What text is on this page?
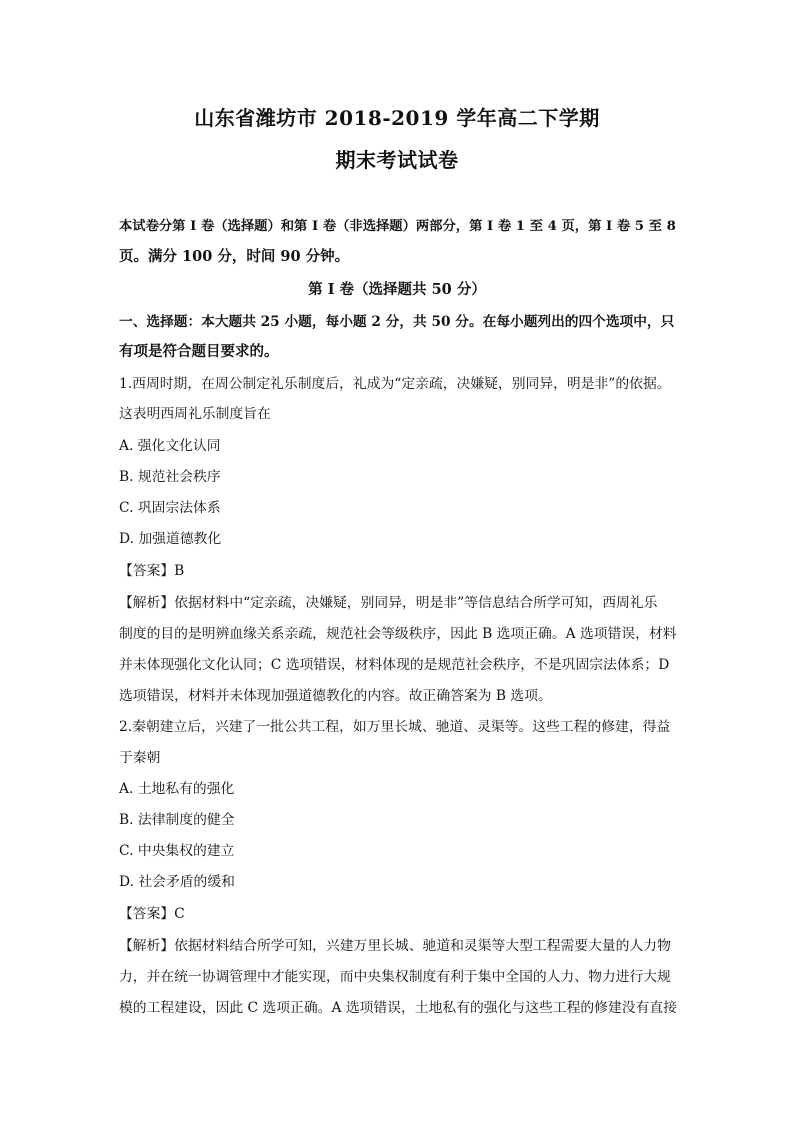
山东省潍坊市 2018-2019 学年高二下学期
期末考试试卷
本试卷分第 I 卷（选择题）和第 I 卷（非选择题）两部分，第 I 卷 1 至 4 页，第 I 卷 5 至 8
页。满分 100 分，时间 90 分钟。
第 I 卷（选择题共 50 分）
一、选择题：本大题共 25 小题，每小题 2 分，共 50 分。在每小题列出的四个选项中，只
有项是符合题目要求的。
1.西周时期，在周公制定礼乐制度后，礼成为“定亲疏，决嫌疑，别同异，明是非”的依据。
这表明西周礼乐制度旨在
A. 强化文化认同
B. 规范社会秩序
C. 巩固宗法体系
D. 加强道德教化
【答案】B
【解析】依据材料中“定亲疏，决嫌疑，别同异，明是非”等信息结合所学可知，西周礼乐
制度的目的是明辨血缘关系亲疏，规范社会等级秩序，因此 B 选项正确。A 选项错误，材料
并未体现强化文化认同；C 选项错误，材料体现的是规范社会秩序，不是巩固宗法体系；D
选项错误，材料并未体现加强道德教化的内容。故正确答案为 B 选项。
2.秦朝建立后，兴建了一批公共工程，如万里长城、驰道、灵渠等。这些工程的修建，得益
于秦朝
A. 土地私有的强化
B. 法律制度的健全
C. 中央集权的建立
D. 社会矛盾的缓和
【答案】C
【解析】依据材料结合所学可知，兴建万里长城、驰道和灵渠等大型工程需要大量的人力物
力，并在统一协调管理中才能实现，而中央集权制度有利于集中全国的人力、物力进行大规
模的工程建设，因此 C 选项正确。A 选项错误，土地私有的强化与这些工程的修建没有直接
